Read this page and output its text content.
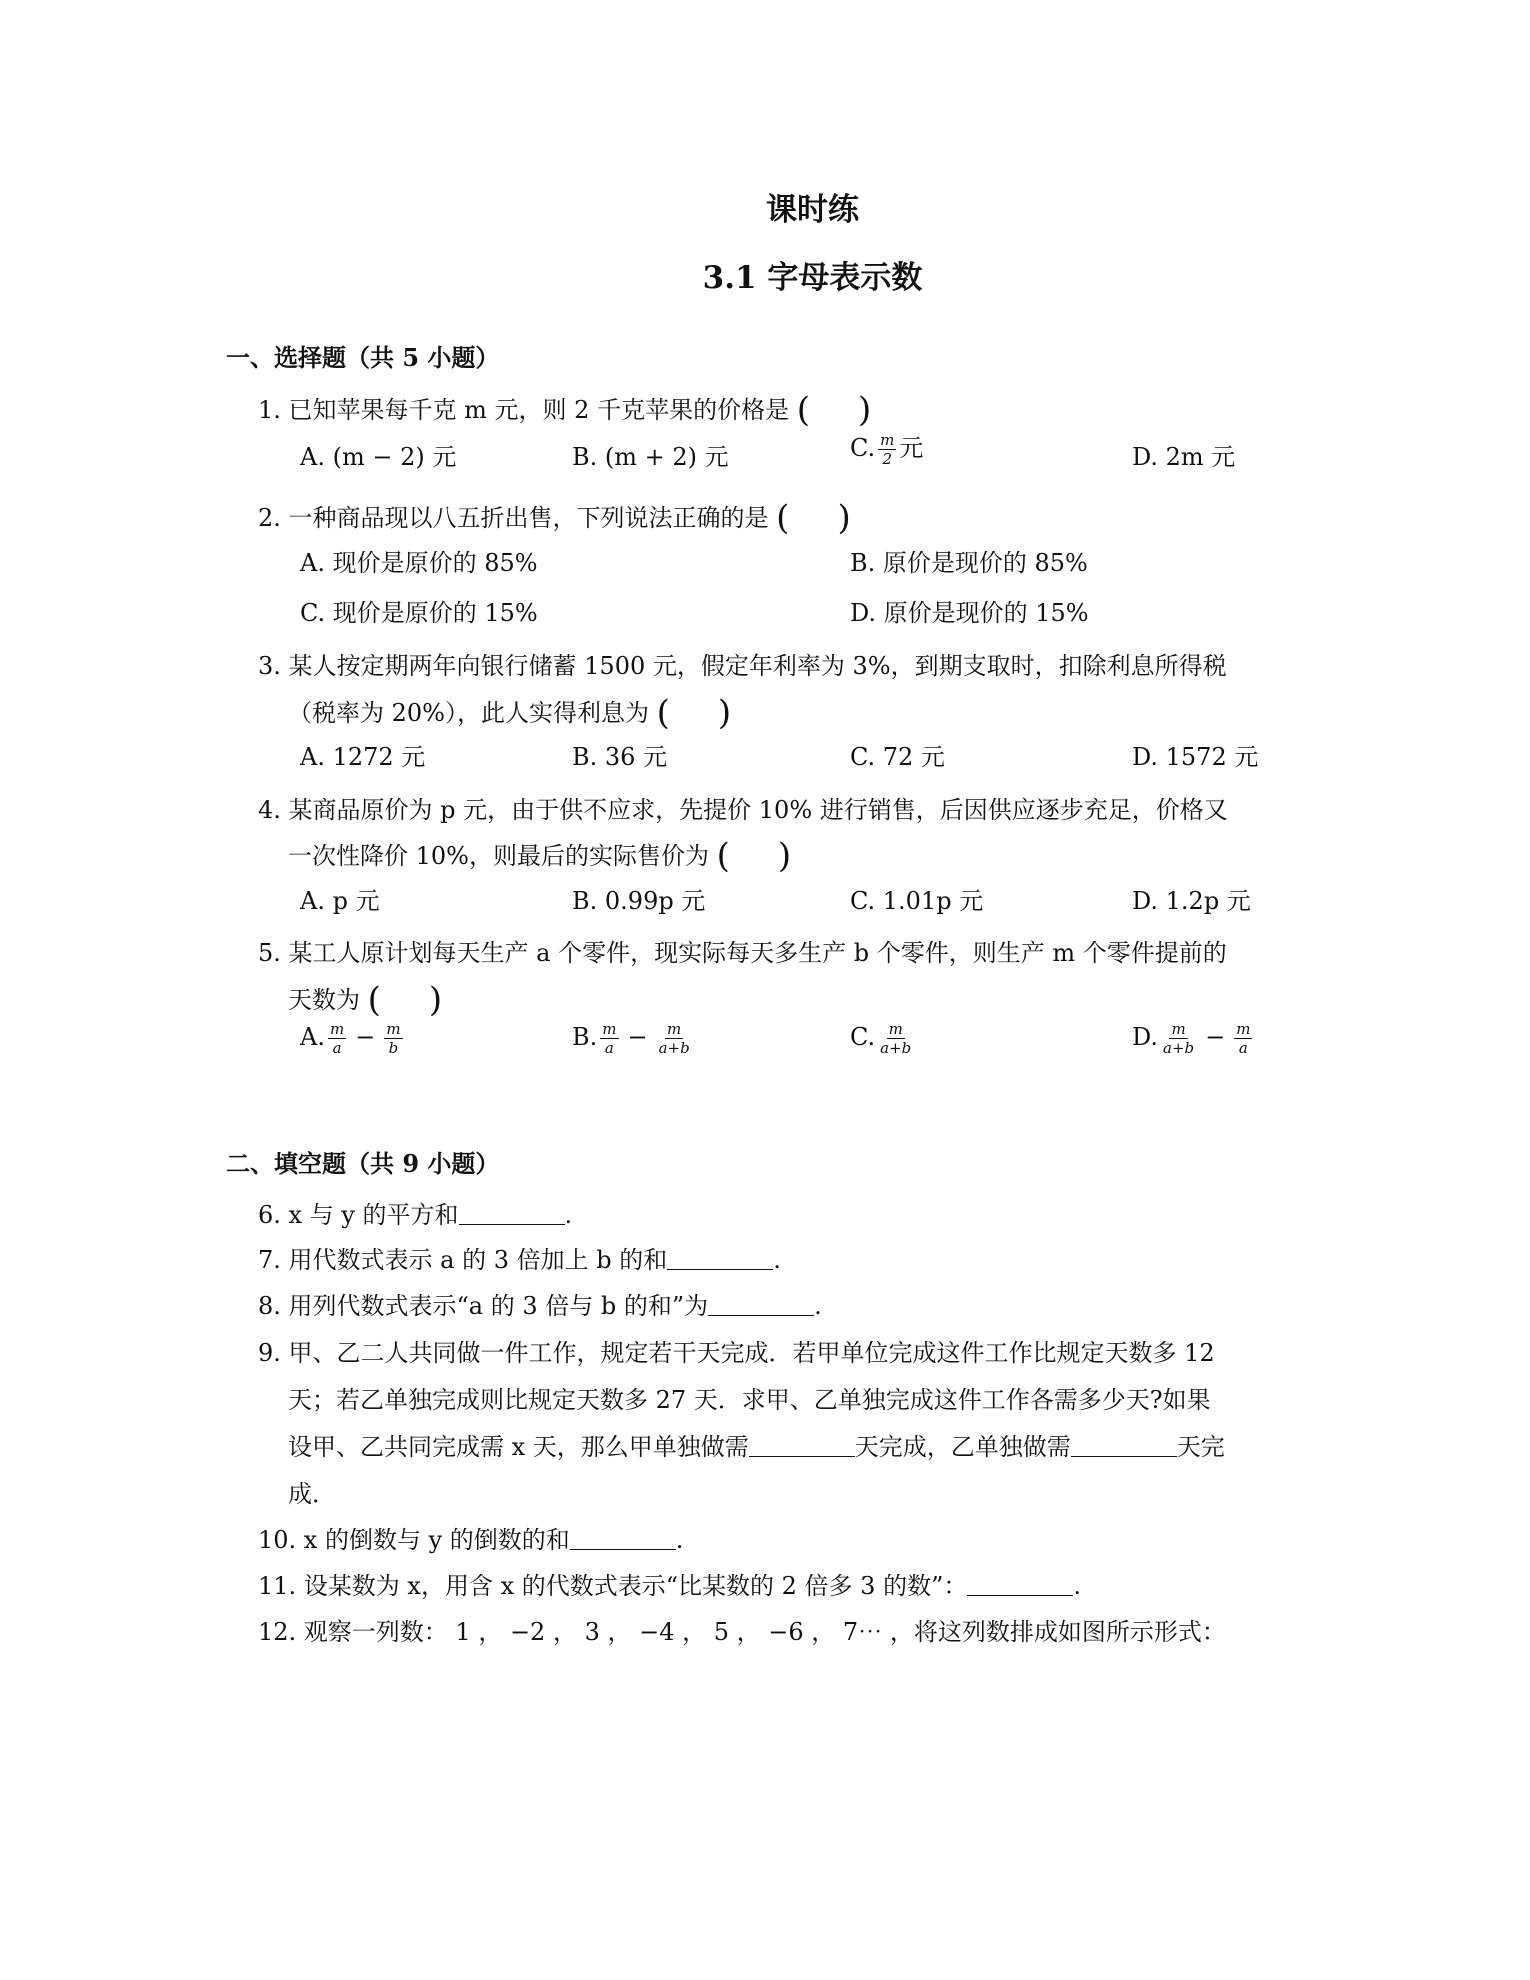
课时练
3.1 字母表示数
一、选择题（共 5 小题）
1. 已知苹果每千克 m 元，则 2 千克苹果的价格是 ( )
A. (m − 2) 元	B. (m + 2) 元	C. $\frac{m}{2}$ 元	D. 2m 元
2. 一种商品现以八五折出售，下列说法正确的是 ( )
A. 现价是原价的 85%	B. 原价是现价的 85%
C. 现价是原价的 15%	D. 原价是现价的 15%
3. 某人按定期两年向银行储蓄 1500 元，假定年利率为 3%，到期支取时，扣除利息所得税
（税率为 20%），此人实得利息为 ( )
A. 1272 元	B. 36 元	C. 72 元	D. 1572 元
4. 某商品原价为 p 元，由于供不应求，先提价 10% 进行销售，后因供应逐步充足，价格又
一次性降价 10%，则最后的实际售价为 ( )
A. p 元	B. 0.99p 元	C. 1.01p 元	D. 1.2p 元
5. 某工人原计划每天生产 a 个零件，现实际每天多生产 b 个零件，则生产 m 个零件提前的
天数为 ( )
A. $\frac{m}{a} - \frac{m}{b}$	B. $\frac{m}{a} - \frac{m}{a+b}$	C. $\frac{m}{a+b}$	D. $\frac{m}{a+b} - \frac{m}{a}$
二、填空题（共 9 小题）
6. x 与 y 的平方和	.
7. 用代数式表示 a 的 3 倍加上 b 的和	.
8. 用列代数式表示“a 的 3 倍与 b 的和”为	.
9. 甲、乙二人共同做一件工作，规定若干天完成．若甲单位完成这件工作比规定天数多 12
天；若乙单独完成则比规定天数多 27 天．求甲、乙单独完成这件工作各需多少天?如果
设甲、乙共同完成需 x 天，那么甲单独做需	天完成，乙单独做需	天完
成．
10. x 的倒数与 y 的倒数的和	.
11. 设某数为 x，用含 x 的代数式表示“比某数的 2 倍多 3 的数”：	.
12. 观察一列数： 1 ， −2 ， 3 ， −4 ， 5 ， −6 ， 7⋯ ，将这列数排成如图所示形式：
